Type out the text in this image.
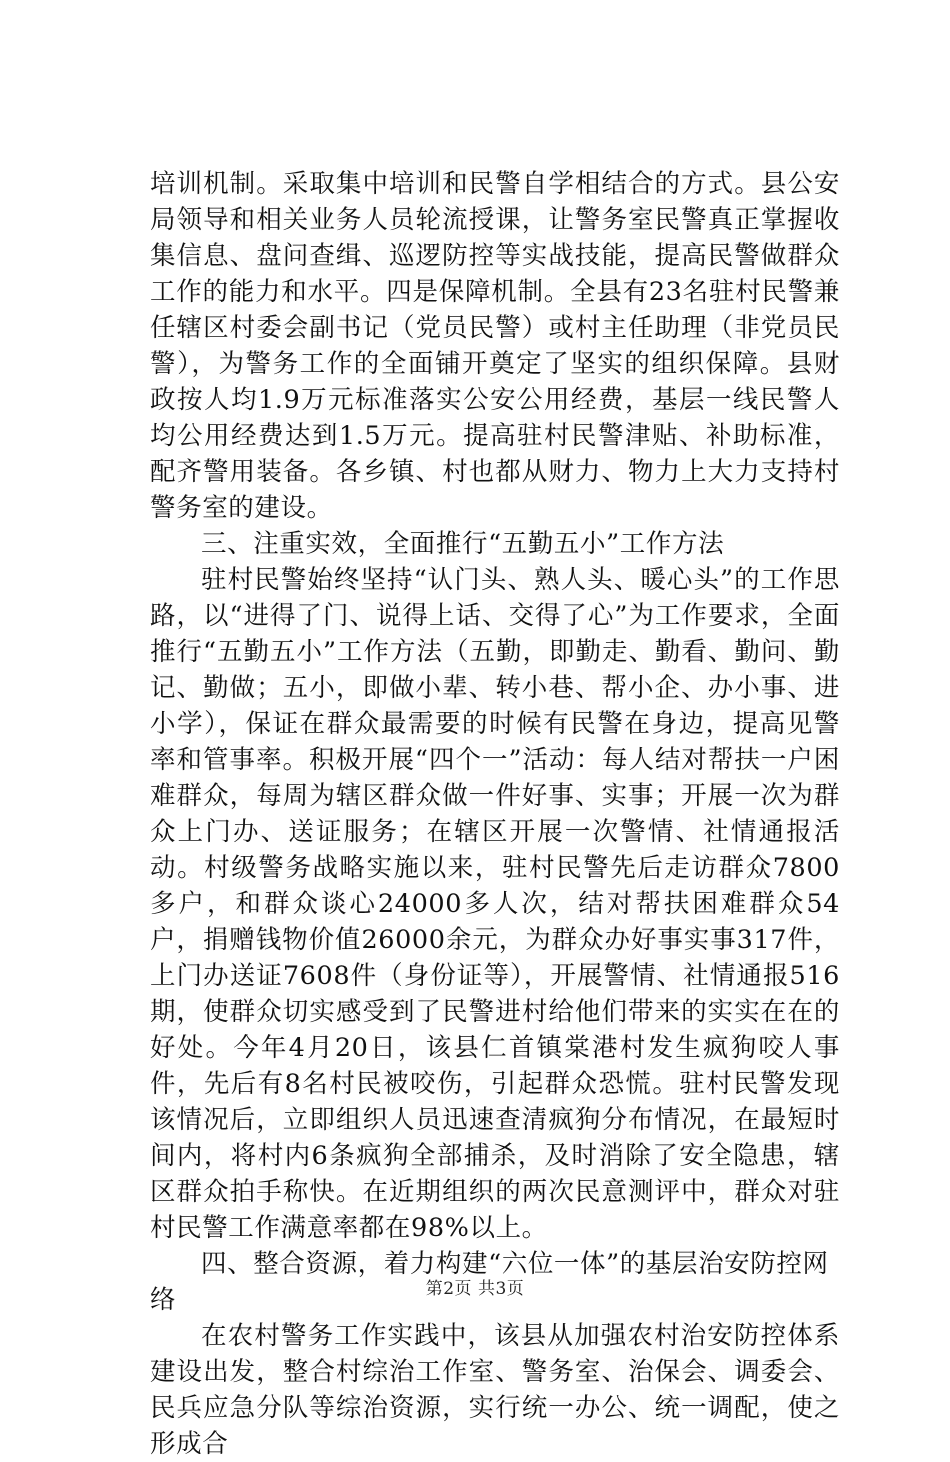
培训机制。采取集中培训和民警自学相结合的方式。县公安局领导和相关业务人员轮流授课，让警务室民警真正掌握收集信息、盘问查缉、巡逻防控等实战技能，提高民警做群众工作的能力和水平。四是保障机制。全县有23名驻村民警兼任辖区村委会副书记（党员民警）或村主任助理（非党员民警），为警务工作的全面铺开奠定了坚实的组织保障。县财政按人均1.9万元标准落实公安公用经费，基层一线民警人均公用经费达到1.5万元。提高驻村民警津贴、补助标准，配齐警用装备。各乡镇、村也都从财力、物力上大力支持村警务室的建设。

三、注重实效，全面推行“五勤五小”工作方法

驻村民警始终坚持“认门头、熟人头、暖心头”的工作思路，以“进得了门、说得上话、交得了心”为工作要求，全面推行“五勤五小”工作方法（五勤，即勤走、勤看、勤问、勤记、勤做；五小，即做小辈、转小巷、帮小企、办小事、进小学），保证在群众最需要的时候有民警在身边，提高见警率和管事率。积极开展“四个一”活动：每人结对帮扶一户困难群众，每周为辖区群众做一件好事、实事；开展一次为群众上门办、送证服务；在辖区开展一次警情、社情通报活动。村级警务战略实施以来，驻村民警先后走访群众7800多户，和群众谈心24000多人次，结对帮扶困难群众54户，捐赠钱物价值26000余元，为群众办好事实事317件，上门办送证7608件（身份证等），开展警情、社情通报516期，使群众切实感受到了民警进村给他们带来的实实在在的好处。今年4月20日，该县仁首镇棠港村发生疯狗咬人事件，先后有8名村民被咬伤，引起群众恐慌。驻村民警发现该情况后，立即组织人员迅速查清疯狗分布情况，在最短时间内，将村内6条疯狗全部捕杀，及时消除了安全隐患，辖区群众拍手称快。在近期组织的两次民意测评中，群众对驻村民警工作满意率都在98%以上。

四、整合资源，着力构建“六位一体”的基层治安防控网络

在农村警务工作实践中，该县从加强农村治安防控体系建设出发，整合村综治工作室、警务室、治保会、调委会、民兵应急分队等综治资源，实行统一办公、统一调配，使之形成合

第2页 共3页
